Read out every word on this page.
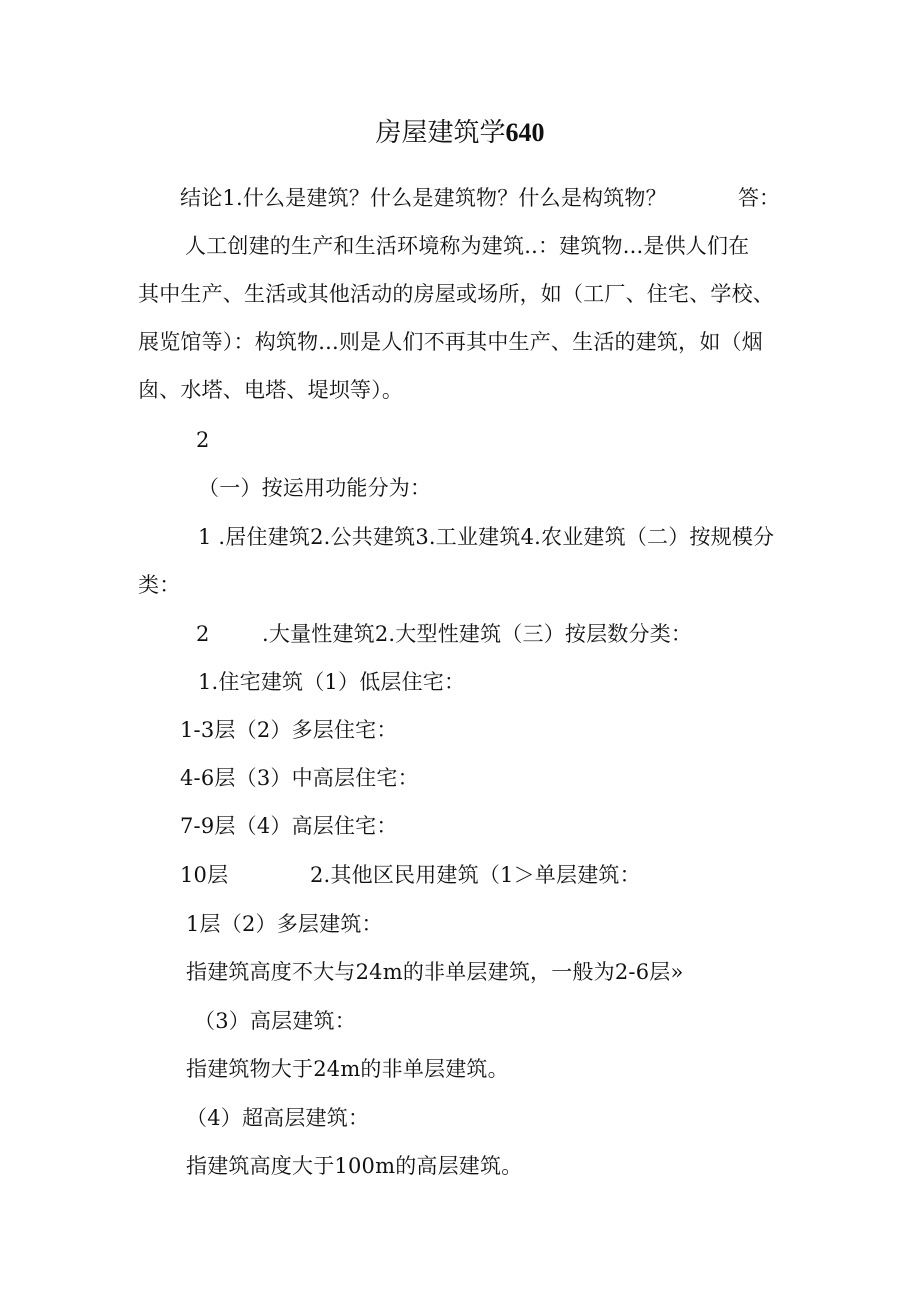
房屋建筑学640
结论1.什么是建筑？什么是建筑物？什么是构筑物？	答：
人工创建的生产和生活环境称为建筑..：建筑物...是供人们在
其中生产、生活或其他活动的房屋或场所，如（工厂、住宅、学校、
展览馆等）：构筑物...则是人们不再其中生产、生活的建筑，如（烟
囱、水塔、电塔、堤坝等）。
2
（一）按运用功能分为：
1 .居住建筑2.公共建筑3.工业建筑4.农业建筑（二）按规模分
类：
2 .大量性建筑2.大型性建筑（三）按层数分类：
1.住宅建筑（1）低层住宅：
1-3层（2）多层住宅：
4-6层（3）中高层住宅：
7-9层（4）高层住宅：
10层	2.其他区民用建筑（1＞单层建筑：
1层（2）多层建筑：
指建筑高度不大与24m的非单层建筑，一般为2-6层»
（3）高层建筑：
指建筑物大于24m的非单层建筑。
（4）超高层建筑：
指建筑高度大于100m的高层建筑。
